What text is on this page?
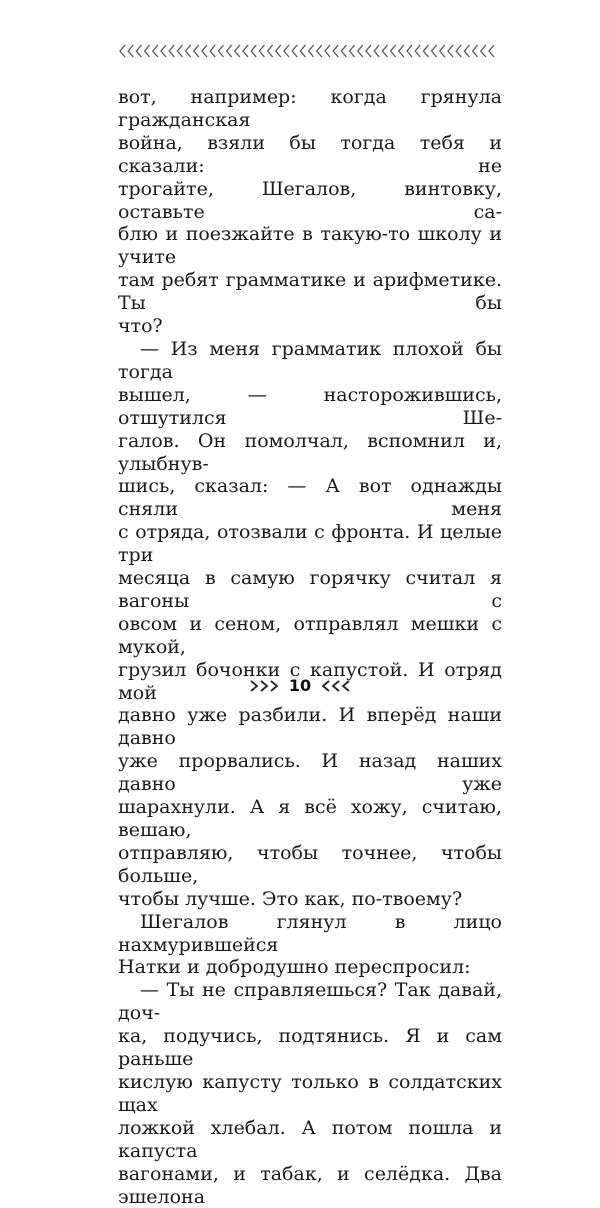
вот, например: когда грянула гражданская

война, взяли бы тогда тебя и сказали: не

трогайте, Шегалов, винтовку, оставьте са-

блю и поезжайте в такую-то школу и учите

там ребят грамматике и арифметике. Ты бы

что?

— Из меня грамматик плохой бы тогда

вышел, — насторожившись, отшутился Ше-

галов. Он помолчал, вспомнил и, улыбнув-

шись, сказал: — А вот однажды сняли меня

с отряда, отозвали с фронта. И целые три

месяца в самую горячку считал я вагоны с

овсом и сеном, отправлял мешки с мукой,

грузил бочонки с капустой. И отряд мой

давно уже разбили. И вперёд наши давно

уже прорвались. И назад наших давно уже

шарахнули. А я всё хожу, считаю, вешаю,

отправляю, чтобы точнее, чтобы больше,

чтобы лучше. Это как, по-твоему?

Шегалов глянул в лицо нахмурившейся

Натки и добродушно переспросил:

— Ты не справляешься? Так давай, доч-

ка, подучись, подтянись. Я и сам раньше

кислую капусту только в солдатских щах

ложкой хлебал. А потом пошла и капуста

вагонами, и табак, и селёдка. Два эшелона

10
